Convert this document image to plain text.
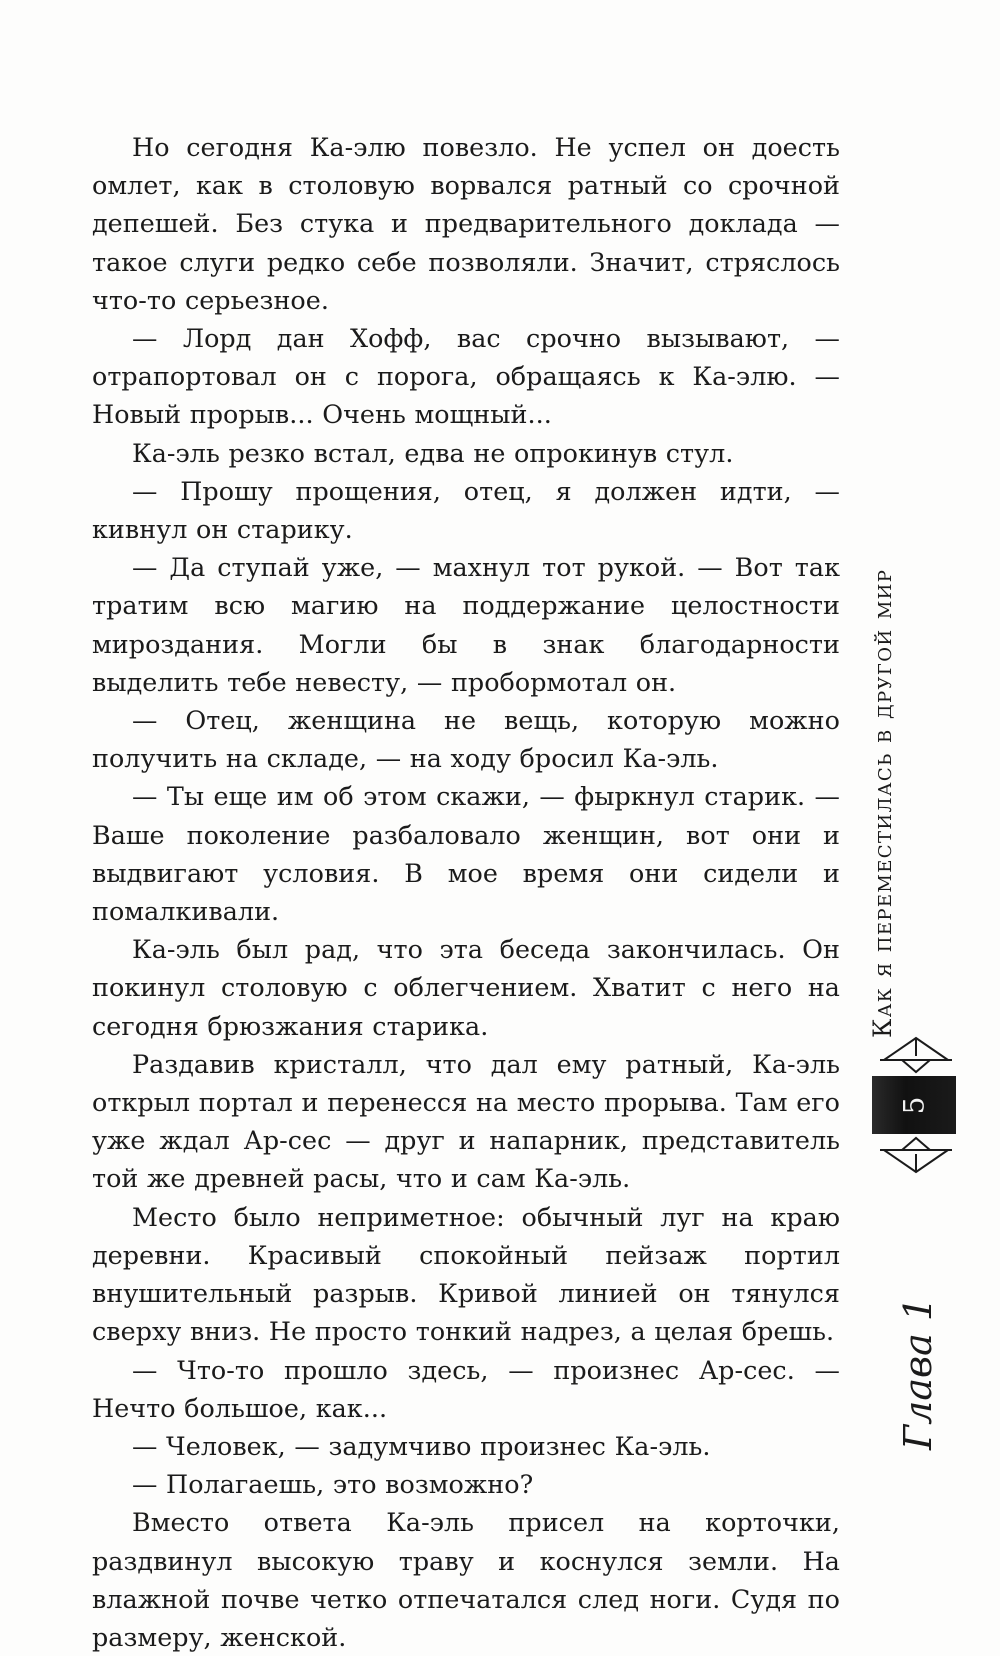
Но сегодня Ка-элю повезло. Не успел он доесть омлет, как в столовую ворвался ратный со срочной депешей. Без стука и предварительного доклада — такое слуги редко себе позволяли. Значит, стряслось что-то серьезное.

— Лорд дан Хофф, вас срочно вызывают, — отрапортовал он с порога, обращаясь к Ка-элю. — Новый прорыв... Очень мощный...

Ка-эль резко встал, едва не опрокинув стул.

— Прошу прощения, отец, я должен идти, — кивнул он старику.

— Да ступай уже, — махнул тот рукой. — Вот так тратим всю магию на поддержание целостности мироздания. Могли бы в знак благодарности выделить тебе невесту, — пробормотал он.

— Отец, женщина не вещь, которую можно получить на складе, — на ходу бросил Ка-эль.

— Ты еще им об этом скажи, — фыркнул старик. — Ваше поколение разбаловало женщин, вот они и выдвигают условия. В мое время они сидели и помалкивали.

Ка-эль был рад, что эта беседа закончилась. Он покинул столовую с облегчением. Хватит с него на сегодня брюзжания старика.

Раздавив кристалл, что дал ему ратный, Ка-эль открыл портал и перенесся на место прорыва. Там его уже ждал Ар-сес — друг и напарник, представитель той же древней расы, что и сам Ка-эль.

Место было неприметное: обычный луг на краю деревни. Красивый спокойный пейзаж портил внушительный разрыв. Кривой линией он тянулся сверху вниз. Не просто тонкий надрез, а целая брешь.

— Что-то прошло здесь, — произнес Ар-сес. — Нечто большое, как...

— Человек, — задумчиво произнес Ка-эль.

— Полагаешь, это возможно?

Вместо ответа Ка-эль присел на корточки, раздвинул высокую траву и коснулся земли. На влажной почве четко отпечатался след ноги. Судя по размеру, женской.

Как я переместилась в другой мир
5
Глава 1
